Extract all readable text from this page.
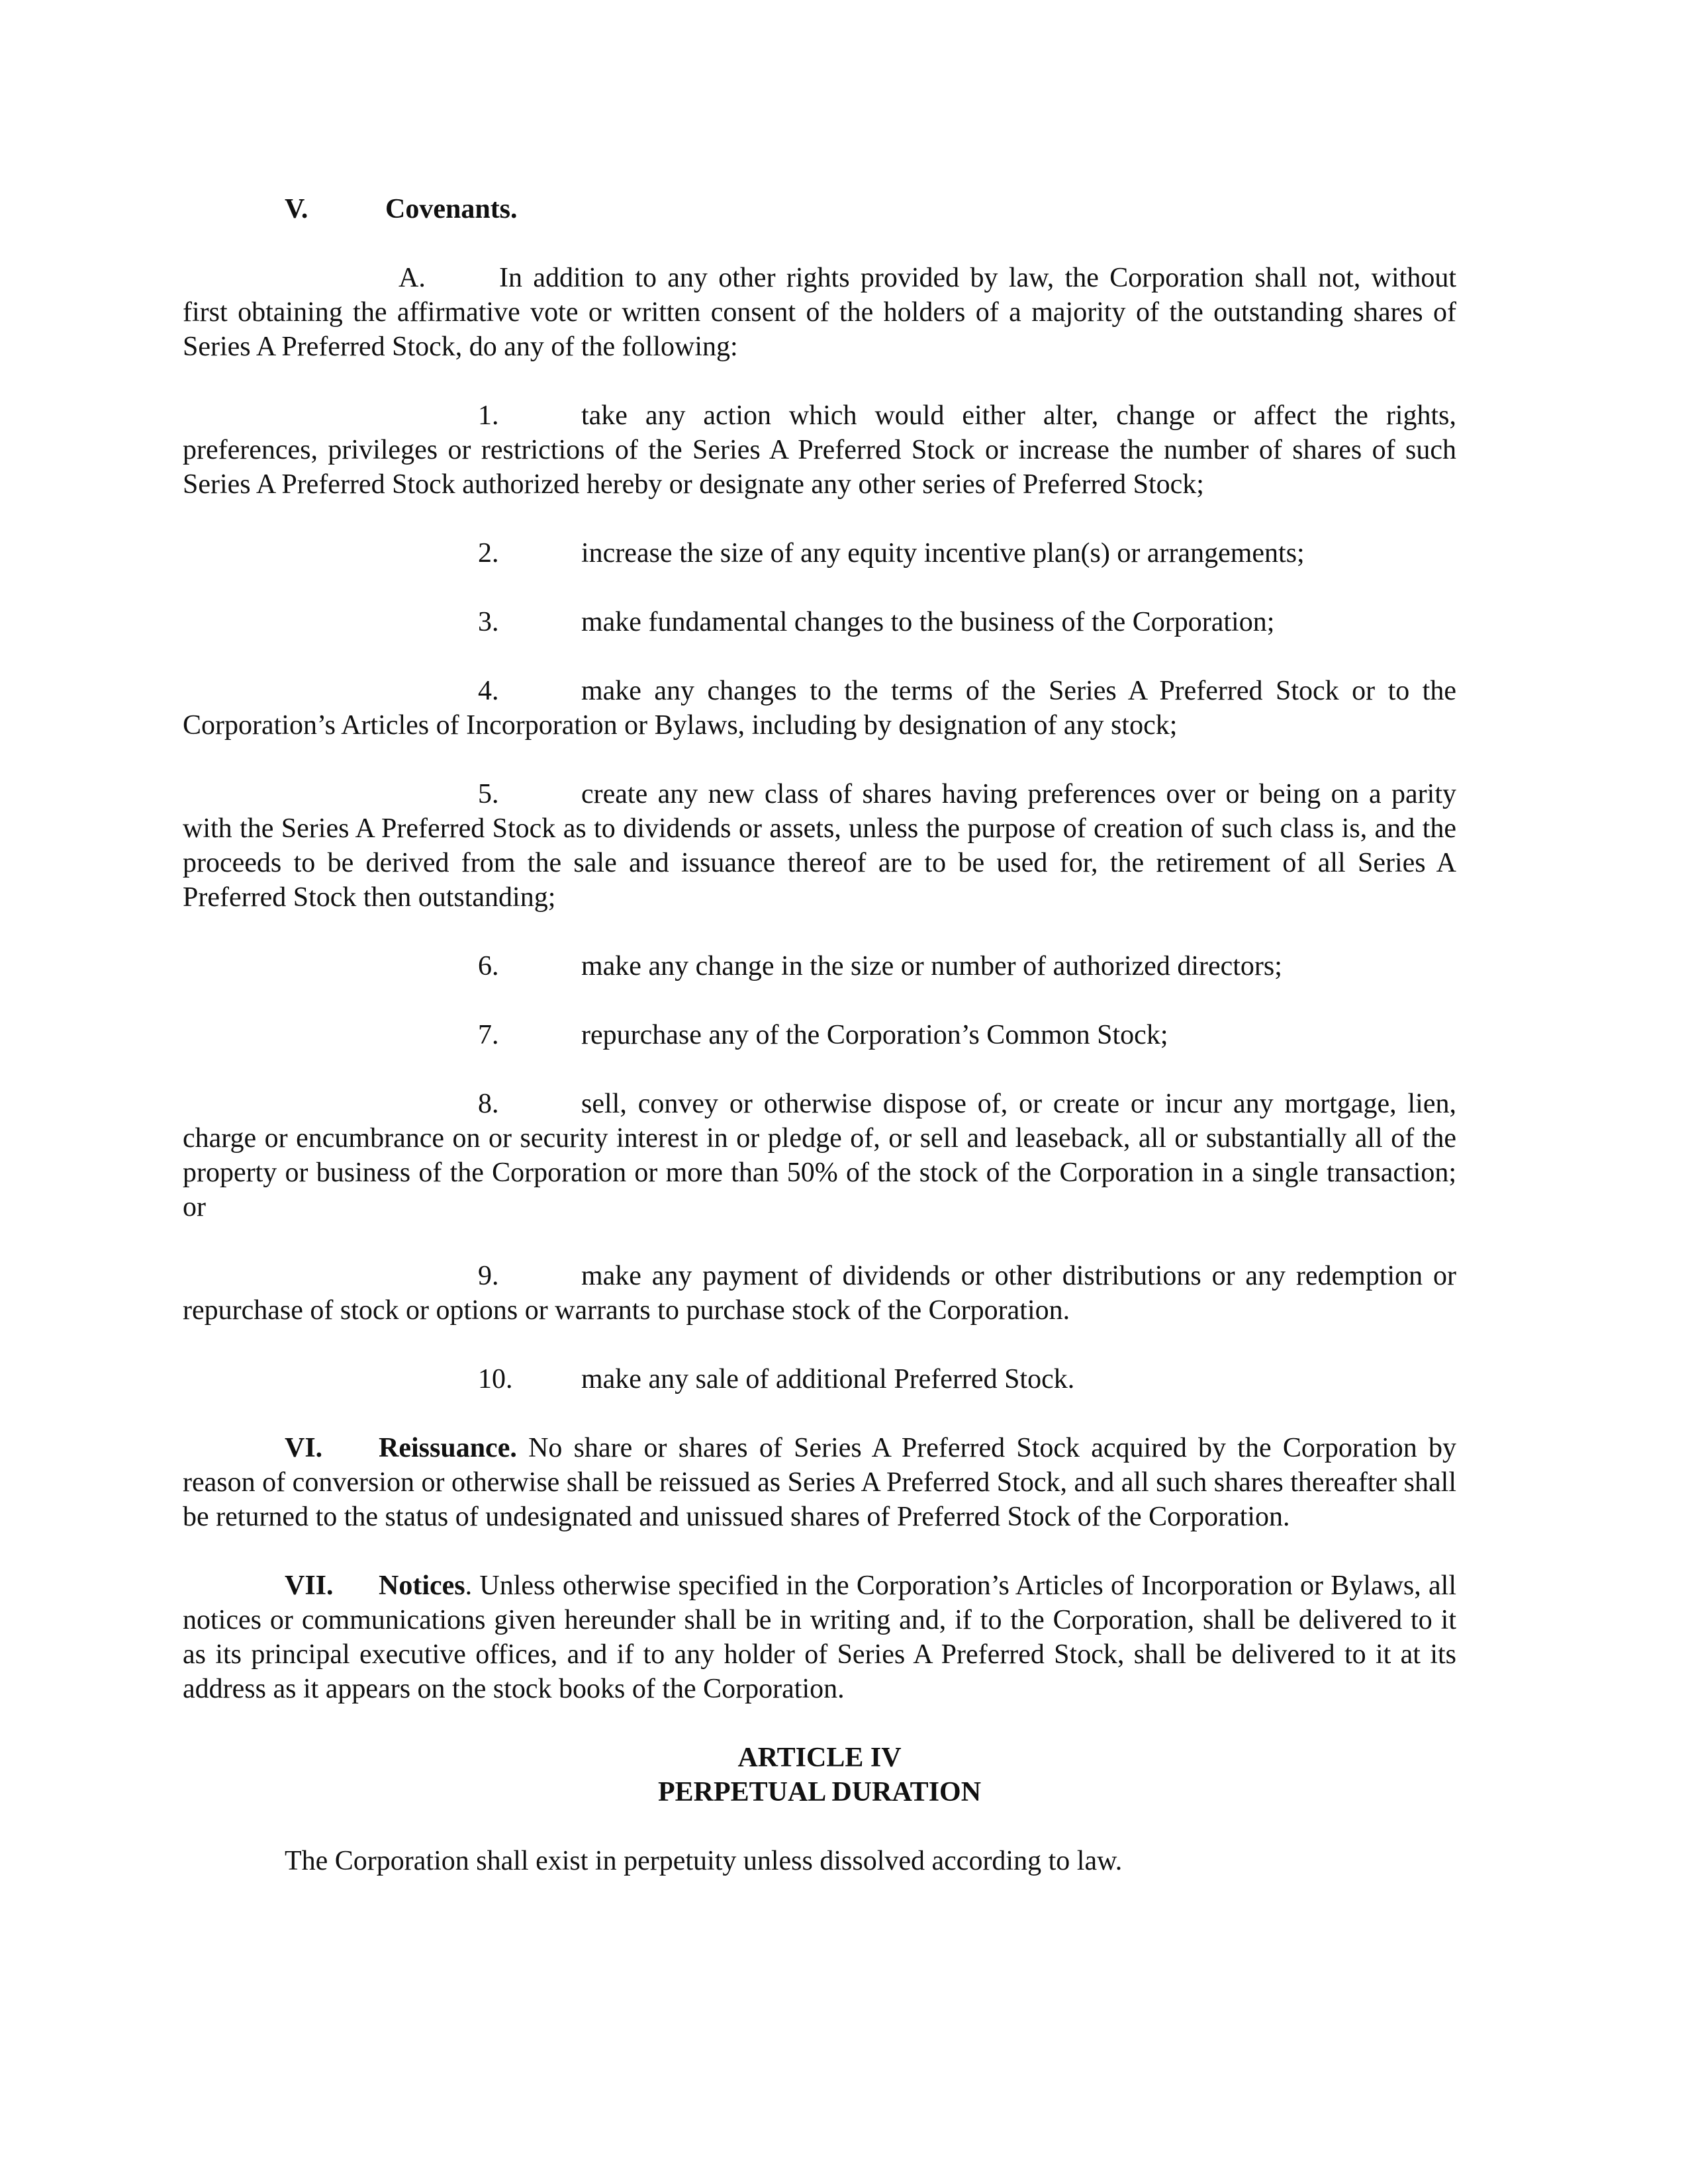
V.	Covenants.

A.	In addition to any other rights provided by law, the Corporation shall not, without first obtaining the affirmative vote or written consent of the holders of a majority of the outstanding shares of Series A Preferred Stock, do any of the following:

1.	take any action which would either alter, change or affect the rights, preferences, privileges or restrictions of the Series A Preferred Stock or increase the number of shares of such Series A Preferred Stock authorized hereby or designate any other series of Preferred Stock;

2.	increase the size of any equity incentive plan(s) or arrangements;

3.	make fundamental changes to the business of the Corporation;

4.	make any changes to the terms of the Series A Preferred Stock or to the Corporation’s Articles of Incorporation or Bylaws, including by designation of any stock;

5.	create any new class of shares having preferences over or being on a parity with the Series A Preferred Stock as to dividends or assets, unless the purpose of creation of such class is, and the proceeds to be derived from the sale and issuance thereof are to be used for, the retirement of all Series A Preferred Stock then outstanding;

6.	make any change in the size or number of authorized directors;

7.	repurchase any of the Corporation’s Common Stock;

8.	sell, convey or otherwise dispose of, or create or incur any mortgage, lien, charge or encumbrance on or security interest in or pledge of, or sell and leaseback, all or substantially all of the property or business of the Corporation or more than 50% of the stock of the Corporation in a single transaction; or

9.	make any payment of dividends or other distributions or any redemption or repurchase of stock or options or warrants to purchase stock of the Corporation.

10. make any sale of additional Preferred Stock.

VI. Reissuance. No share or shares of Series A Preferred Stock acquired by the Corporation by reason of conversion or otherwise shall be reissued as Series A Preferred Stock, and all such shares thereafter shall be returned to the status of undesignated and unissued shares of Preferred Stock of the Corporation.

VII. Notices. Unless otherwise specified in the Corporation’s Articles of Incorporation or Bylaws, all notices or communications given hereunder shall be in writing and, if to the Corporation, shall be delivered to it as its principal executive offices, and if to any holder of Series A Preferred Stock, shall be delivered to it at its address as it appears on the stock books of the Corporation.

ARTICLE IV
PERPETUAL DURATION

The Corporation shall exist in perpetuity unless dissolved according to law.
